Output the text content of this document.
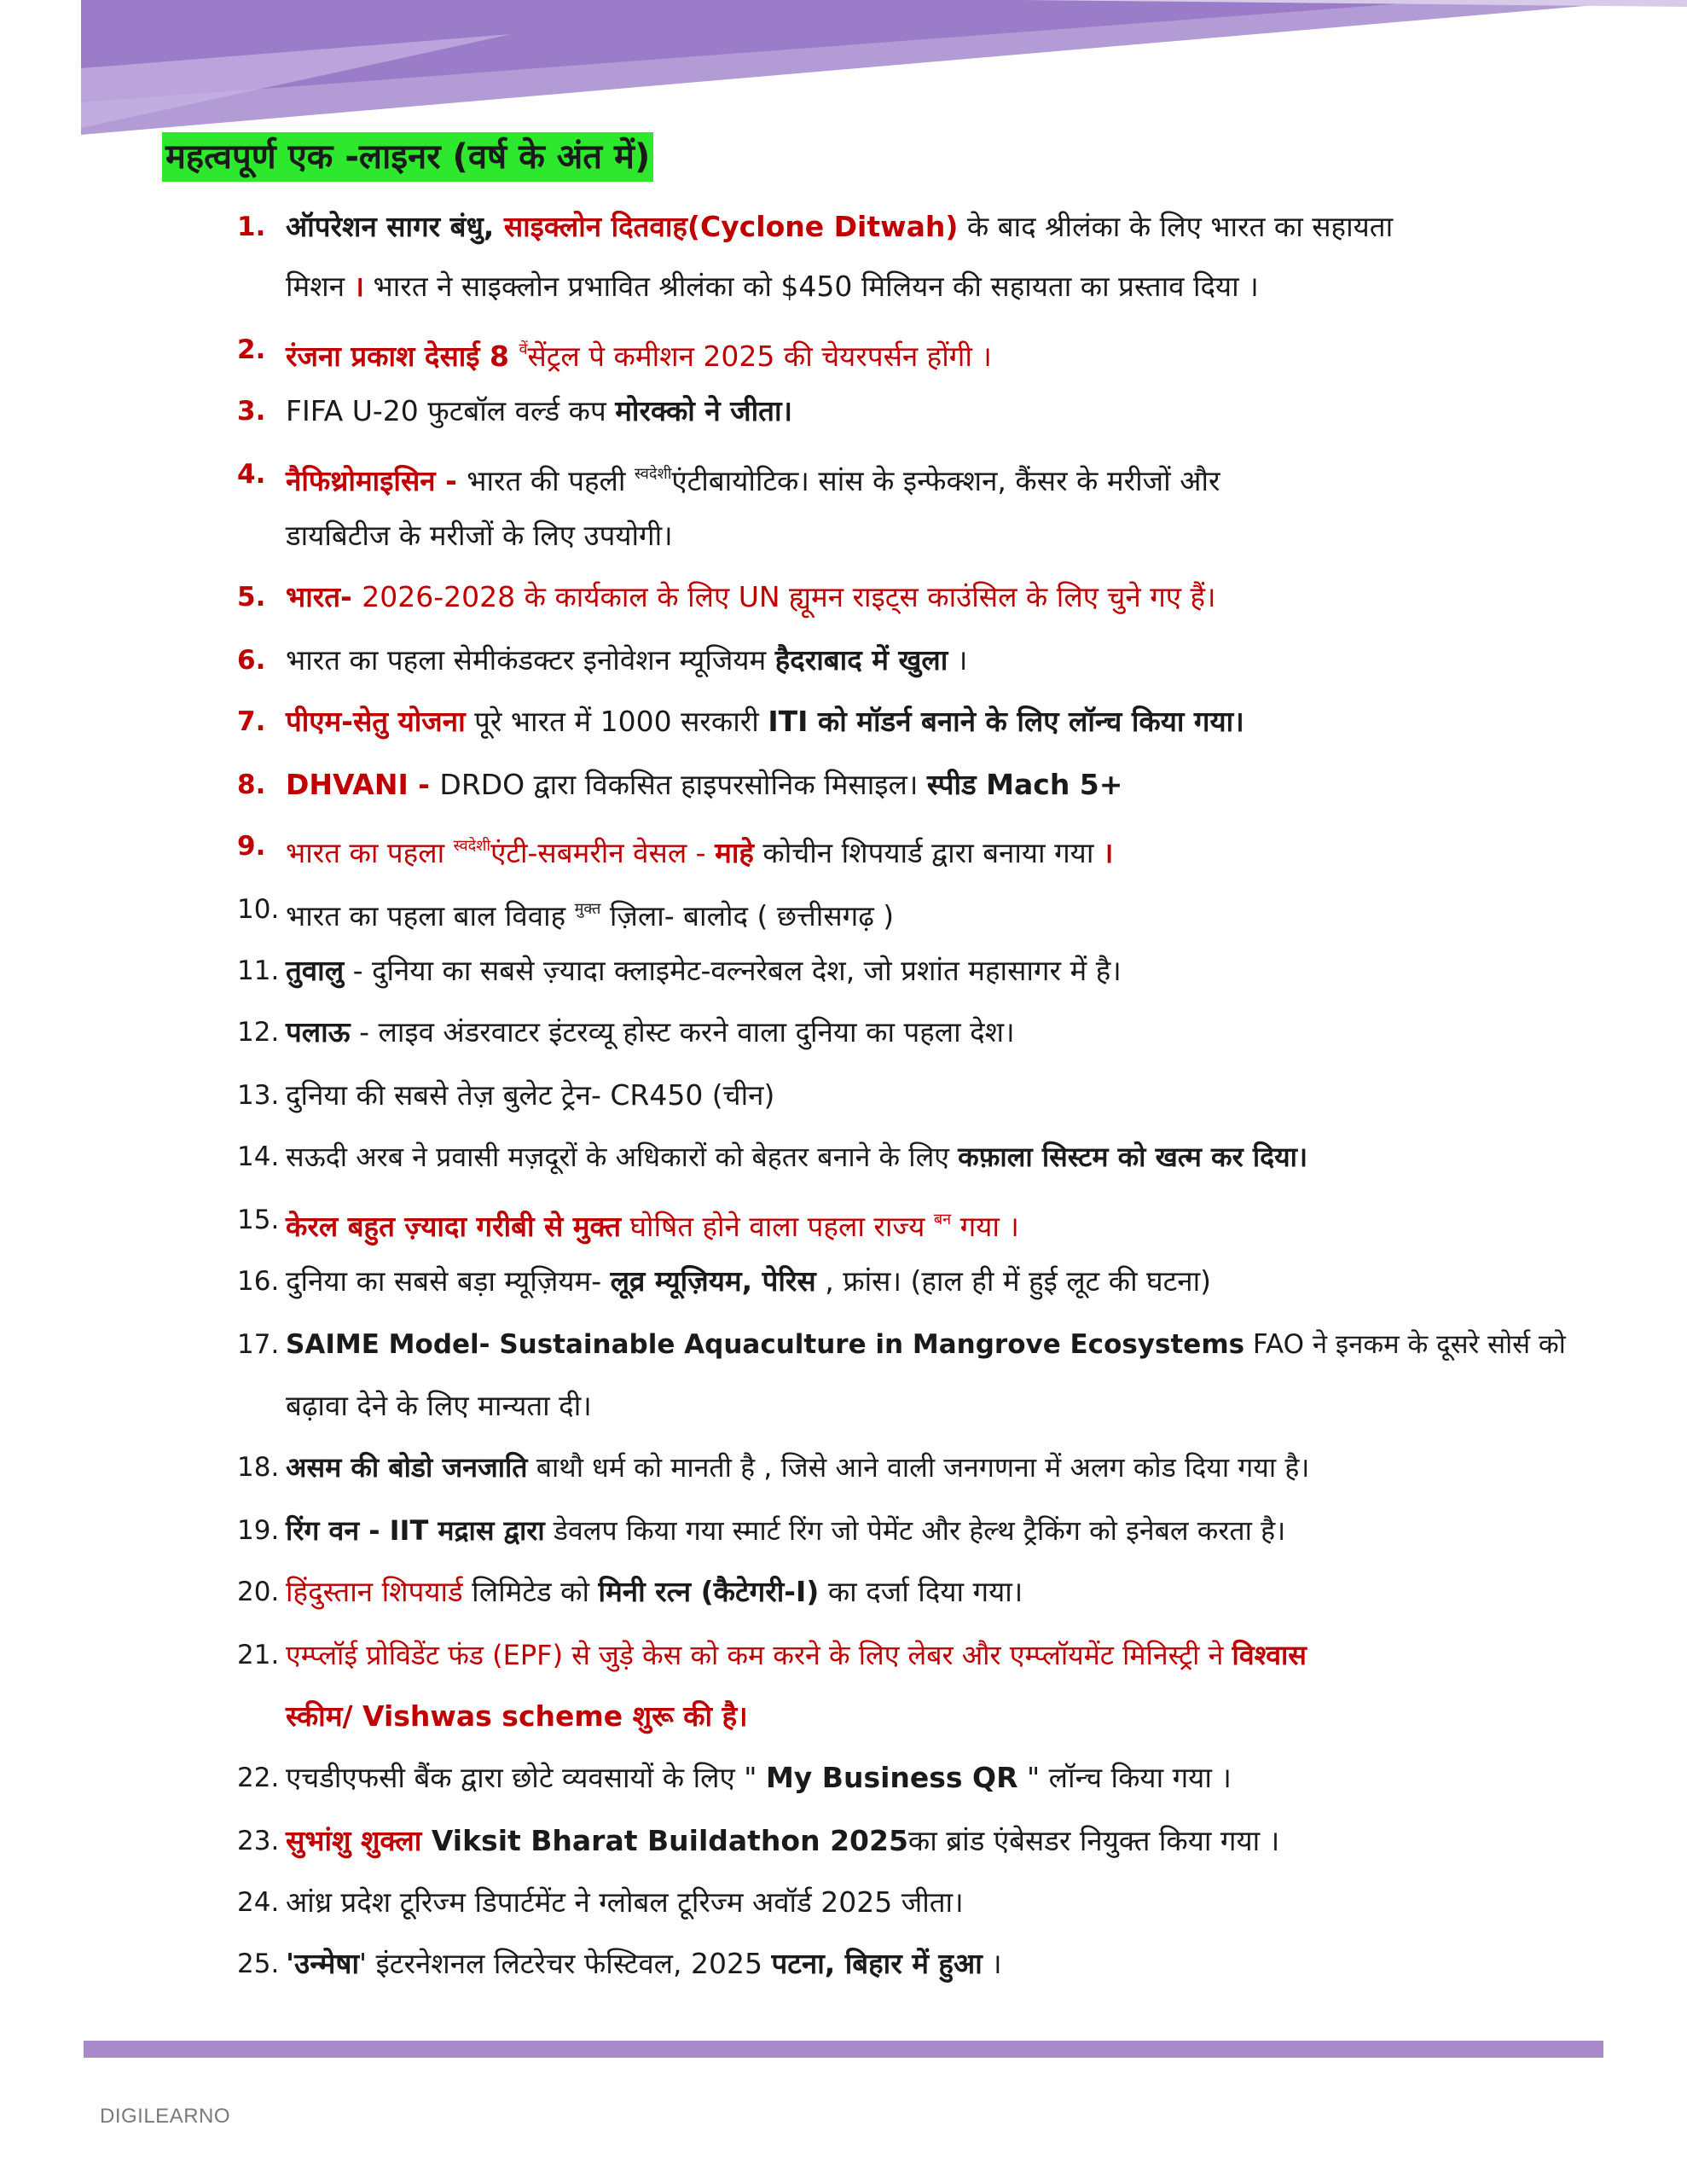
महत्वपूर्ण एक -लाइनर (वर्ष के अंत में)
1. ऑपरेशन सागर बंधु, साइक्लोन दितवाह(Cyclone Ditwah) के बाद श्रीलंका के लिए भारत का सहायता
मिशन । भारत ने साइक्लोन प्रभावित श्रीलंका को $450 मिलियन की सहायता का प्रस्ताव दिया ।
2. रंजना प्रकाश देसाई 8 $^{वें}$सेंट्रल पे कमीशन 2025 की चेयरपर्सन होंगी ।
3. FIFA U-20 फुटबॉल वर्ल्ड कप मोरक्को ने जीता।
4. नैफिथ्रोमाइसिन - भारत की पहली $^{स्वदेशी}$एंटीबायोटिक। सांस के इन्फेक्शन, कैंसर के मरीजों और
डायबिटीज के मरीजों के लिए उपयोगी।
5. भारत- 2026-2028 के कार्यकाल के लिए UN ह्यूमन राइट्स काउंसिल के लिए चुने गए हैं।
6. भारत का पहला सेमीकंडक्टर इनोवेशन म्यूजियम हैदराबाद में खुला ।
7. पीएम-सेतु योजना पूरे भारत में 1000 सरकारी ITI को मॉडर्न बनाने के लिए लॉन्च किया गया।
8. DHVANI - DRDO द्वारा विकसित हाइपरसोनिक मिसाइल। स्पीड Mach 5+
9. भारत का पहला $^{स्वदेशी}$एंटी-सबमरीन वेसल - माहे कोचीन शिपयार्ड द्वारा बनाया गया ।
10. भारत का पहला बाल विवाह $^{मुक्त}$ ज़िला- बालोद ( छत्तीसगढ़ )
11. तुवालु - दुनिया का सबसे ज़्यादा क्लाइमेट-वल्नरेबल देश, जो प्रशांत महासागर में है।
12. पलाऊ - लाइव अंडरवाटर इंटरव्यू होस्ट करने वाला दुनिया का पहला देश।
13. दुनिया की सबसे तेज़ बुलेट ट्रेन- CR450 (चीन)
14. सऊदी अरब ने प्रवासी मज़दूरों के अधिकारों को बेहतर बनाने के लिए कफ़ाला सिस्टम को खत्म कर दिया।
15. केरल बहुत ज़्यादा गरीबी से मुक्त घोषित होने वाला पहला राज्य $^{बन}$ गया ।
16. दुनिया का सबसे बड़ा म्यूज़ियम- लूव्र म्यूज़ियम, पेरिस , फ्रांस। (हाल ही में हुई लूट की घटना)
17. SAIME Model- Sustainable Aquaculture in Mangrove Ecosystems FAO ने इनकम के दूसरे सोर्स को
बढ़ावा देने के लिए मान्यता दी।
18. असम की बोडो जनजाति बाथौ धर्म को मानती है , जिसे आने वाली जनगणना में अलग कोड दिया गया है।
19. रिंग वन - IIT मद्रास द्वारा डेवलप किया गया स्मार्ट रिंग जो पेमेंट और हेल्थ ट्रैकिंग को इनेबल करता है।
20. हिंदुस्तान शिपयार्ड लिमिटेड को मिनी रत्न (कैटेगरी-I) का दर्जा दिया गया।
21. एम्प्लॉई प्रोविडेंट फंड (EPF) से जुड़े केस को कम करने के लिए लेबर और एम्प्लॉयमेंट मिनिस्ट्री ने विश्वास
स्कीम/ Vishwas scheme शुरू की है।
22. एचडीएफसी बैंक द्वारा छोटे व्यवसायों के लिए " My Business QR " लॉन्च किया गया ।
23. सुभांशु शुक्ला Viksit Bharat Buildathon 2025का ब्रांड एंबेसडर नियुक्त किया गया ।
24. आंध्र प्रदेश टूरिज्म डिपार्टमेंट ने ग्लोबल टूरिज्म अवॉर्ड 2025 जीता।
25. 'उन्मेषा' इंटरनेशनल लिटरेचर फेस्टिवल, 2025 पटना, बिहार में हुआ ।
DIGILEARNO
